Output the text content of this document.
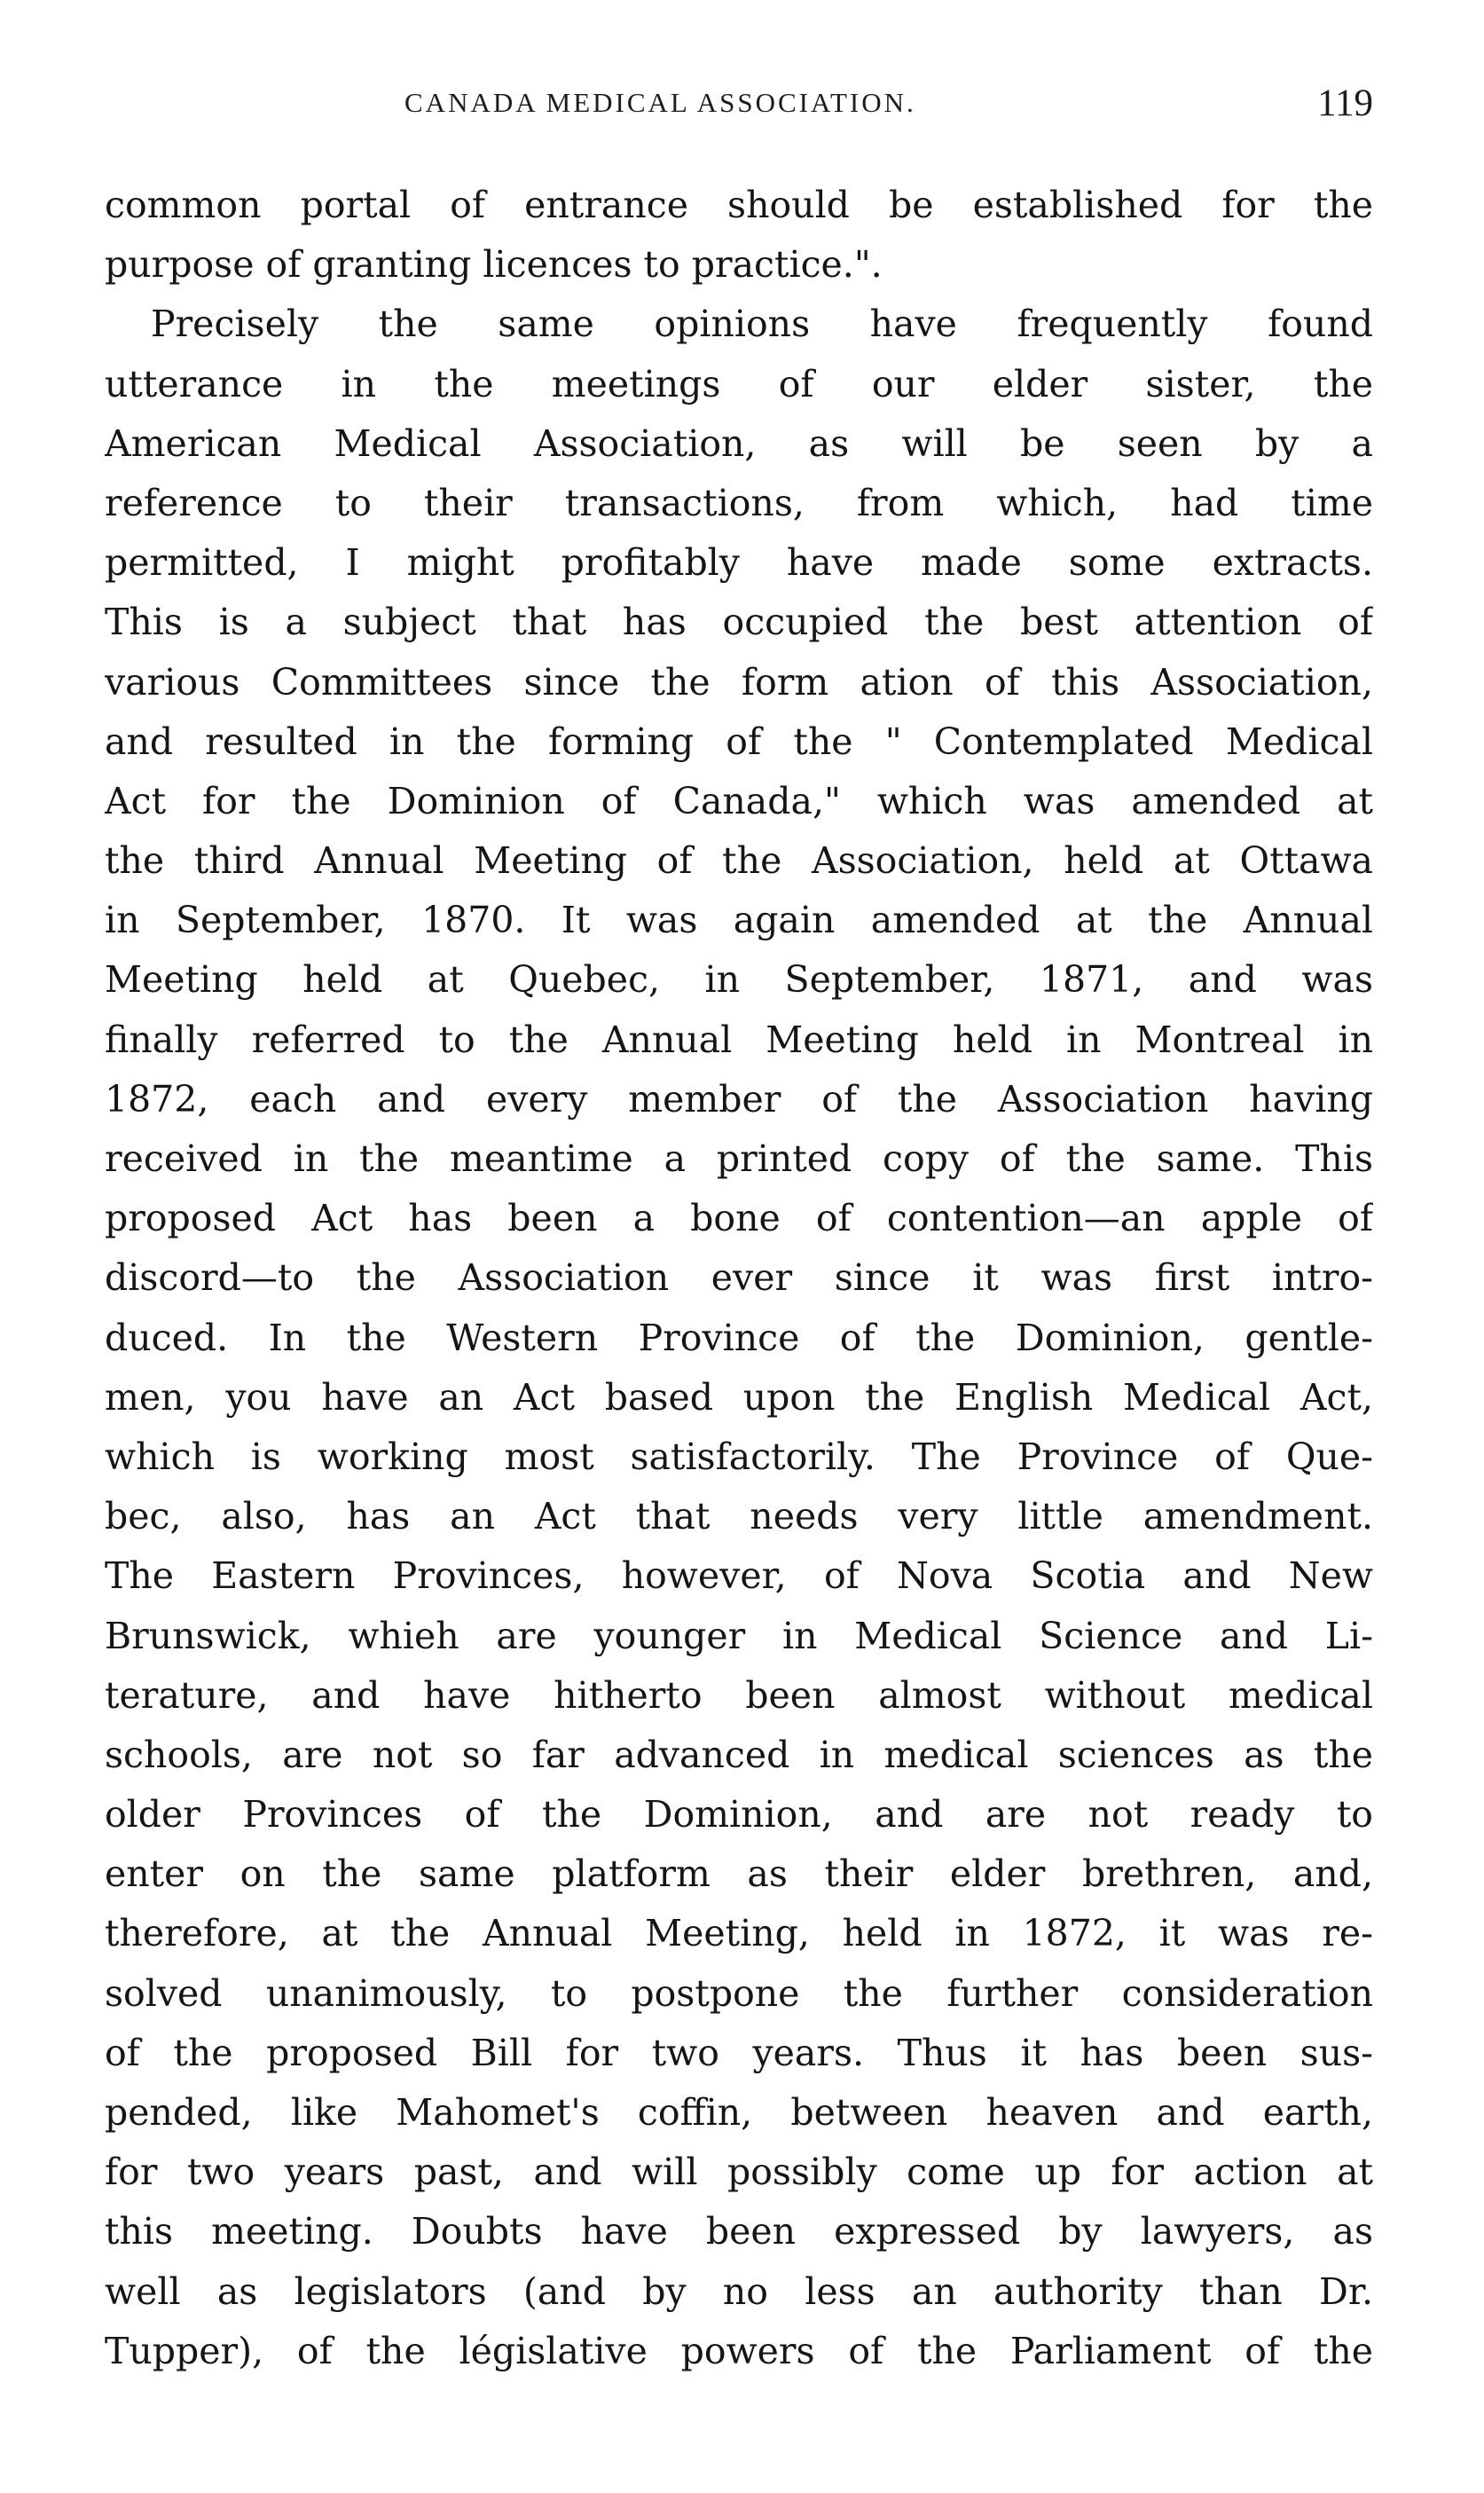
CANADA MEDICAL ASSOCIATION.	119
common portal of entrance should be established for the
purpose of granting licences to practice.".
Precisely the same opinions have frequently found
utterance in the meetings of our elder sister, the
American Medical Association, as will be seen by a
reference to their transactions, from which, had time
permitted, I might profitably have made some extracts.
This is a subject that has occupied the best attention of
various Committees since the form ation of this Association,
and resulted in the forming of the " Contemplated Medical
Act for the Dominion of Canada," which was amended at
the third Annual Meeting of the Association, held at Ottawa
in September, 1870. It was again amended at the Annual
Meeting held at Quebec, in September, 1871, and was
finally referred to the Annual Meeting held in Montreal in
1872, each and every member of the Association having
received in the meantime a printed copy of the same. This
proposed Act has been a bone of contention—an apple of
discord—to the Association ever since it was first intro-
duced. In the Western Province of the Dominion, gentle-
men, you have an Act based upon the English Medical Act,
which is working most satisfactorily. The Province of Que-
bec, also, has an Act that needs very little amendment.
The Eastern Provinces, however, of Nova Scotia and New
Brunswick, whieh are younger in Medical Science and Li-
terature, and have hitherto been almost without medical
schools, are not so far advanced in medical sciences as the
older Provinces of the Dominion, and are not ready to
enter on the same platform as their elder brethren, and,
therefore, at the Annual Meeting, held in 1872, it was re-
solved unanimously, to postpone the further consideration
of the proposed Bill for two years. Thus it has been sus-
pended, like Mahomet's coffin, between heaven and earth,
for two years past, and will possibly come up for action at
this meeting. Doubts have been expressed by lawyers, as
well as legislators (and by no less an authority than Dr.
Tupper), of the législative powers of the Parliament of the
